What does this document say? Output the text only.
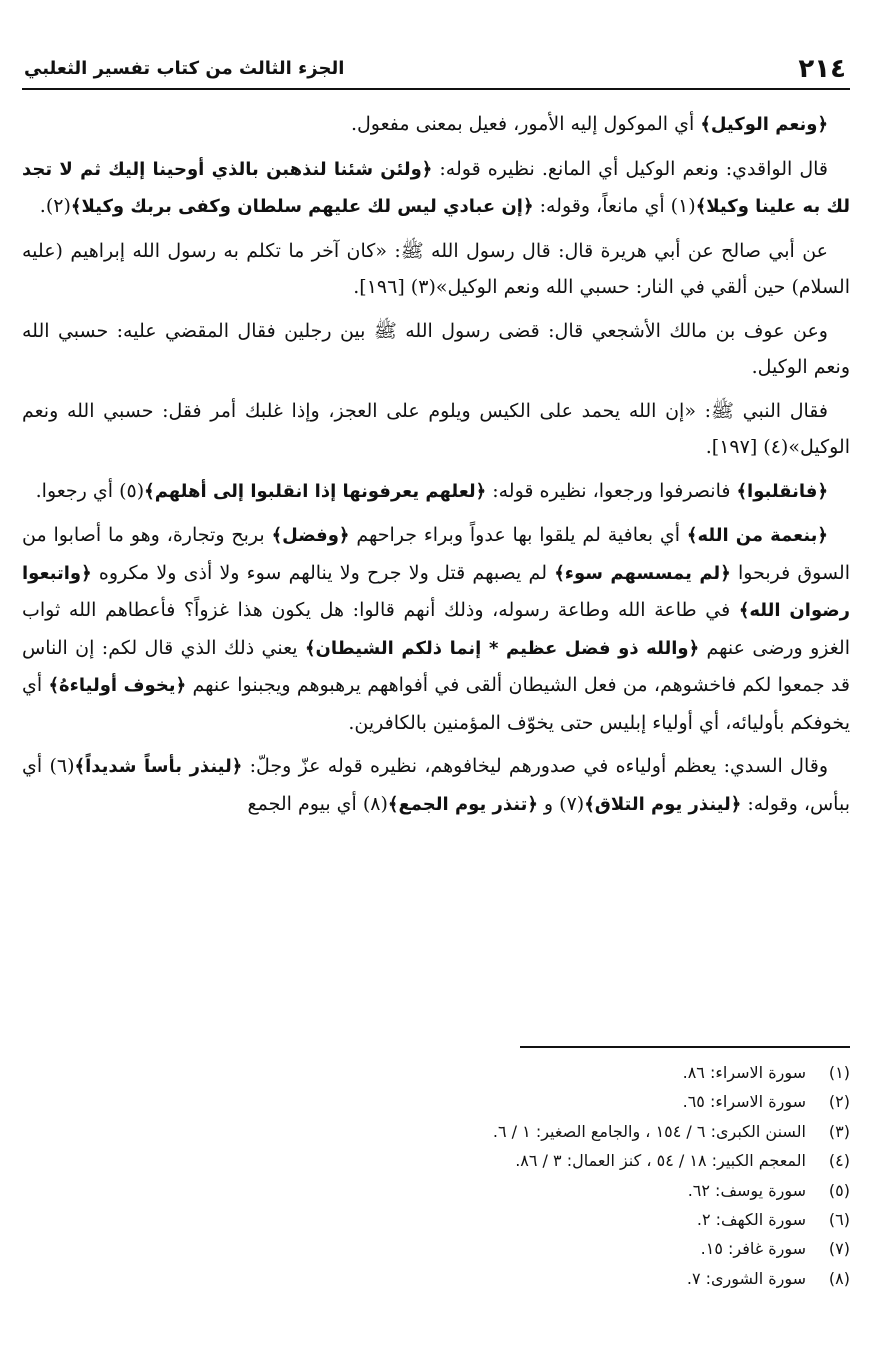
٢١٤
الجزء الثالث من كتاب تفسير الثعلبي

﴿ونعم الوكيل﴾ أي الموكول إليه الأمور، فعيل بمعنى مفعول.

قال الواقدي: ونعم الوكيل أي المانع. نظيره قوله: ﴿ولئن شئنا لنذهبن بالذي أوحينا إليك ثم لا تجد لك به علينا وكيلا﴾(١) أي مانعاً، وقوله: ﴿إن عبادي ليس لك عليهم سلطان وكفى بربك وكيلا﴾(٢).

عن أبي صالح عن أبي هريرة قال: قال رسول الله ﷺ: «كان آخر ما تكلم به رسول الله إبراهيم (عليه السلام) حين ألقي في النار: حسبي الله ونعم الوكيل»(٣) [١٩٦].

وعن عوف بن مالك الأشجعي قال: قضى رسول الله ﷺ بين رجلين فقال المقضي عليه: حسبي الله ونعم الوكيل.

فقال النبي ﷺ: «إن الله يحمد على الكيس ويلوم على العجز، وإذا غلبك أمر فقل: حسبي الله ونعم الوكيل»(٤) [١٩٧].

﴿فانقلبوا﴾ فانصرفوا ورجعوا، نظيره قوله: ﴿لعلهم يعرفونها إذا انقلبوا إلى أهلهم﴾(٥) أي رجعوا.

﴿بنعمة من الله﴾ أي بعافية لم يلقوا بها عدواً وبراء جراحهم ﴿وفضل﴾ بربح وتجارة، وهو ما أصابوا من السوق فربحوا ﴿لم يمسسهم سوء﴾ لم يصبهم قتل ولا جرح ولا ينالهم سوء ولا أذى ولا مكروه ﴿واتبعوا رضوان الله﴾ في طاعة الله وطاعة رسوله، وذلك أنهم قالوا: هل يكون هذا غزواً؟ فأعطاهم الله ثواب الغزو ورضى عنهم ﴿والله ذو فضل عظيم * إنما ذلكم الشيطان﴾ يعني ذلك الذي قال لكم: إن الناس قد جمعوا لكم فاخشوهم، من فعل الشيطان ألقى في أفواههم يرهبوهم ويجبنوا عنهم ﴿يخوف أولياءهُ﴾ أي يخوفكم بأوليائه، أي أولياء إبليس حتى يخوّف المؤمنين بالكافرين.

وقال السدي: يعظم أولياءه في صدورهم ليخافوهم، نظيره قوله عزّ وجلّ: ﴿لينذر بأساً شديداً﴾(٦) أي ببأس، وقوله: ﴿لينذر يوم التلاق﴾(٧) و ﴿تنذر يوم الجمع﴾(٨) أي بيوم الجمع

(١)
سورة الاسراء: ٨٦.
(٢)
سورة الاسراء: ٦٥.
(٣)
السنن الكبرى: ٦ / ١٥٤ ، والجامع الصغير: ١ / ٦.
(٤)
المعجم الكبير: ١٨ / ٥٤ ، كنز العمال: ٣ / ٨٦.
(٥)
سورة يوسف: ٦٢.
(٦)
سورة الكهف: ٢.
(٧)
سورة غافر: ١٥.
(٨)
سورة الشورى: ٧.
